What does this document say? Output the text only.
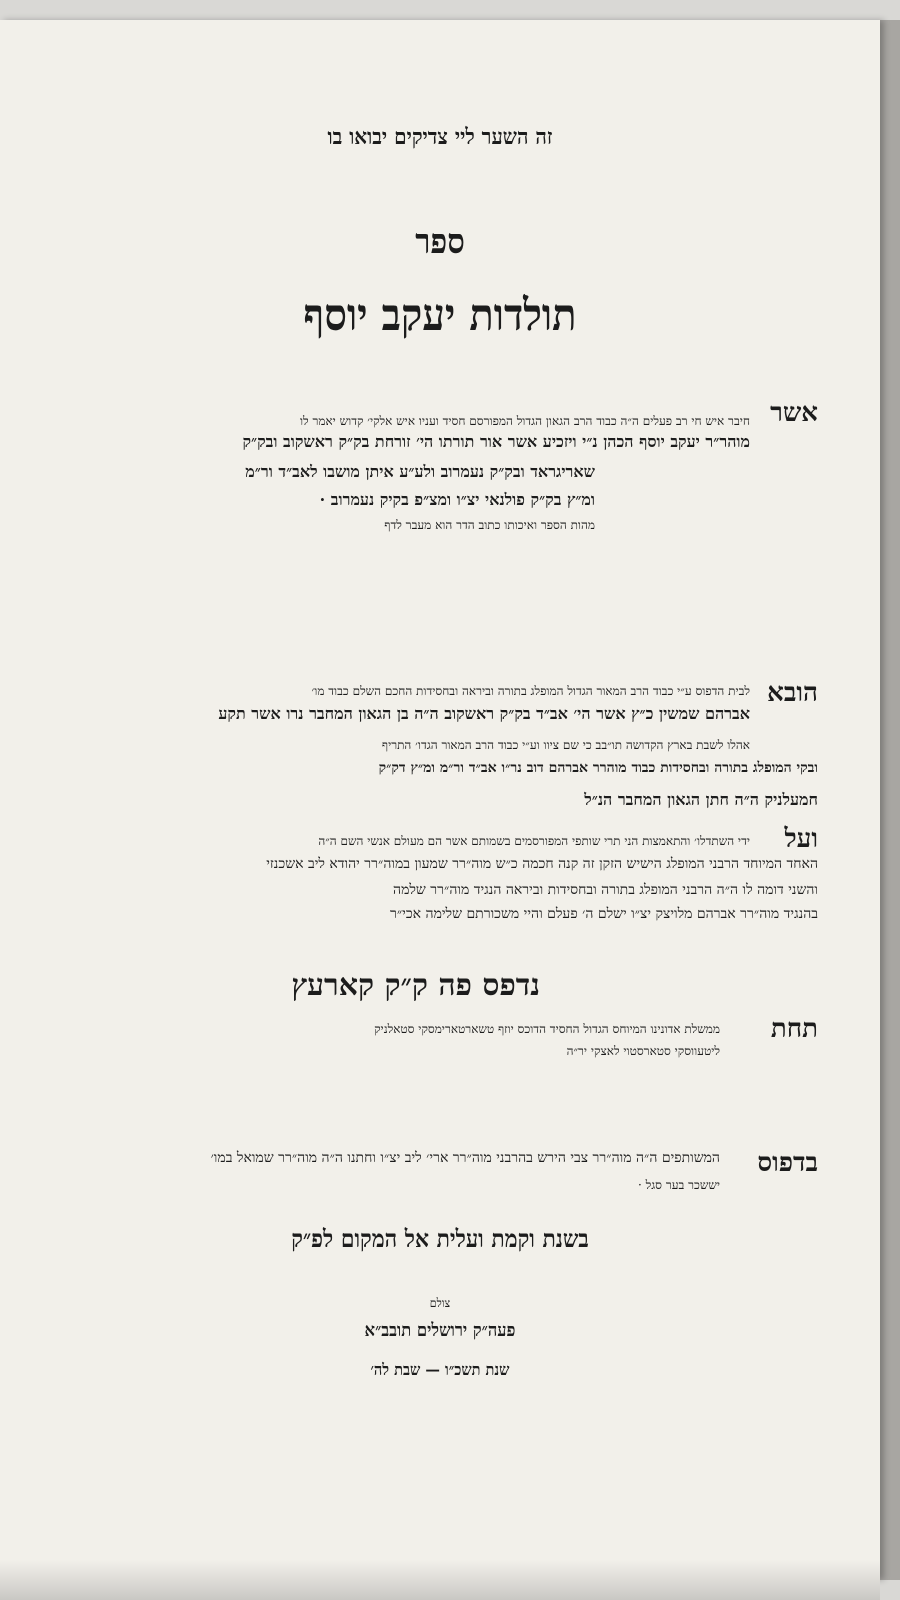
זה השער ליי צדיקים יבואו בו
ספר
תולדות יעקב יוסף
אשר
חיבר איש חי רב פעלים ה״ה כבוד הרב הגאון הגדול המפורסם חסיד ועניו איש אלקי׳ קדוש יאמר לו
מוהר״ר יעקב יוסף הכהן נ״י ויזכיע אשר אור תורתו הי׳ זורחת בק״ק ראשקוב ובק״ק
שאריגראד ובק״ק נעמרוב ולע״ע איתן מושבו לאב״ד ור״מ
ומ״ץ בק״ק פולנאי יצ״ו ומצ״פ בקיק נעמרוב ·
מהות הספר ואיכותו כתוב הדר הוא מעבר לדף
הובא
לבית הדפוס ע״י כבוד הרב המאור הגדול המופלג בתורה וביראה ובחסידות החכם השלם כבוד מו׳
אברהם שמשין כ״ץ אשר הי׳ אב״ד בק״ק ראשקוב ה״ה בן הגאון המחבר נרו אשר תקע
אהלו לשבת בארץ הקדושה תו״בב כי שם ציוו וע״י כבוד הרב המאור הגדו׳ התריף
ובקי המופלג בתורה ובחסידות כבוד מוהרר אברהם דוב נר״ו אב״ד ור״מ ומ״ץ דק״ק
חמעלניק ה״ה חתן הגאון המחבר הנ״ל
ועל
ידי השתדלו׳ והתאמצות הני תרי שותפי המפורסמים בשמותם אשר הם מעולם אנשי השם ה״ה
האחד המיוחד הרבני המופלג הישיש הזקן זה קנה חכמה כ״ש מוה״רר שמעון במוה״רר יהודא ליב אשכנזי
והשני דומה לו ה״ה הרבני המופלג בתורה ובחסידות וביראה הנגיד מוה״רר שלמה
בהנגיד מוה״רר אברהם מלויצק יצ״ו ישלם ה׳ פעלם והיי משכורתם שלימה אכי״ר
נדפס פה ק״ק קארעץ
תחת
ממשלת אדונינו המיוחס הגדול החסיד הדוכס יוזף טשארטארימסקי סטאלניק
ליטעווסקי סטארסטוי לאצקי יר״ה
בדפוס
המשותפים ה״ה מוה״רר צבי הירש בהרבני מוה״רר ארי׳ ליב יצ״ו וחתנו ה״ה מוה״רר שמואל במו׳
יששכר בער סגל ·
בשנת וקמת ועלית אל המקום לפ״ק
צולם
פעה״ק ירושלים תובב״א
שנת תשכ״ו — שבת לה׳
